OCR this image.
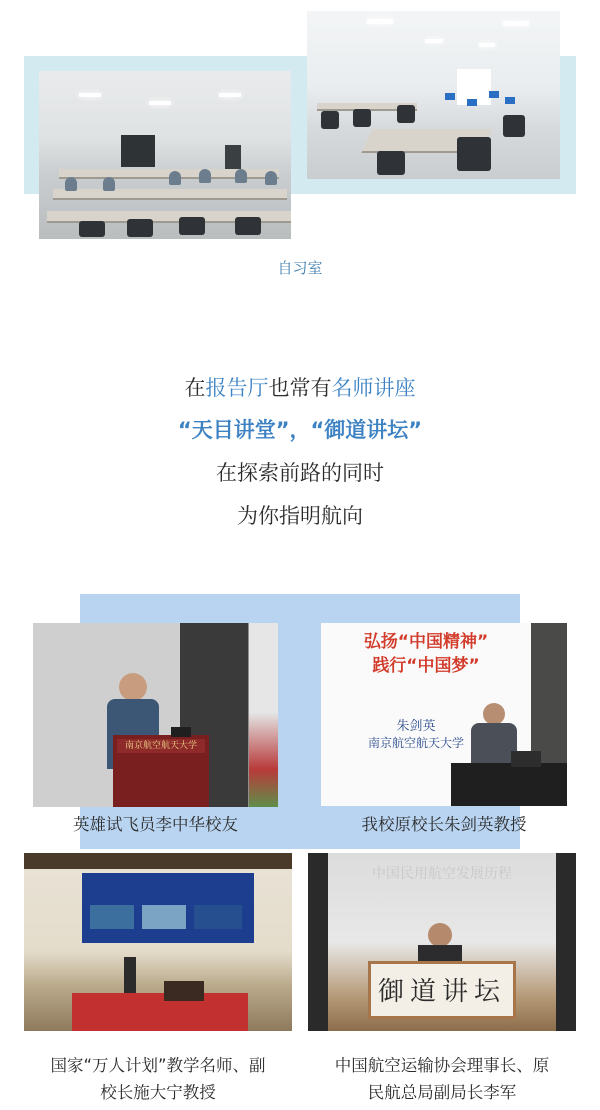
自习室
在报告厅也常有名师讲座
“天目讲堂”，“御道讲坛”
在探索前路的同时
为你指明航向
南京航空航天大学
英雄试飞员李中华校友
弘扬“中国精神”
践行“中国梦”
朱剑英
南京航空航天大学
我校原校长朱剑英教授
国家“万人计划”教学名师、副
校长施大宁教授
中国民用航空发展历程
御道讲坛
中国航空运输协会理事长、原
民航总局副局长李军
